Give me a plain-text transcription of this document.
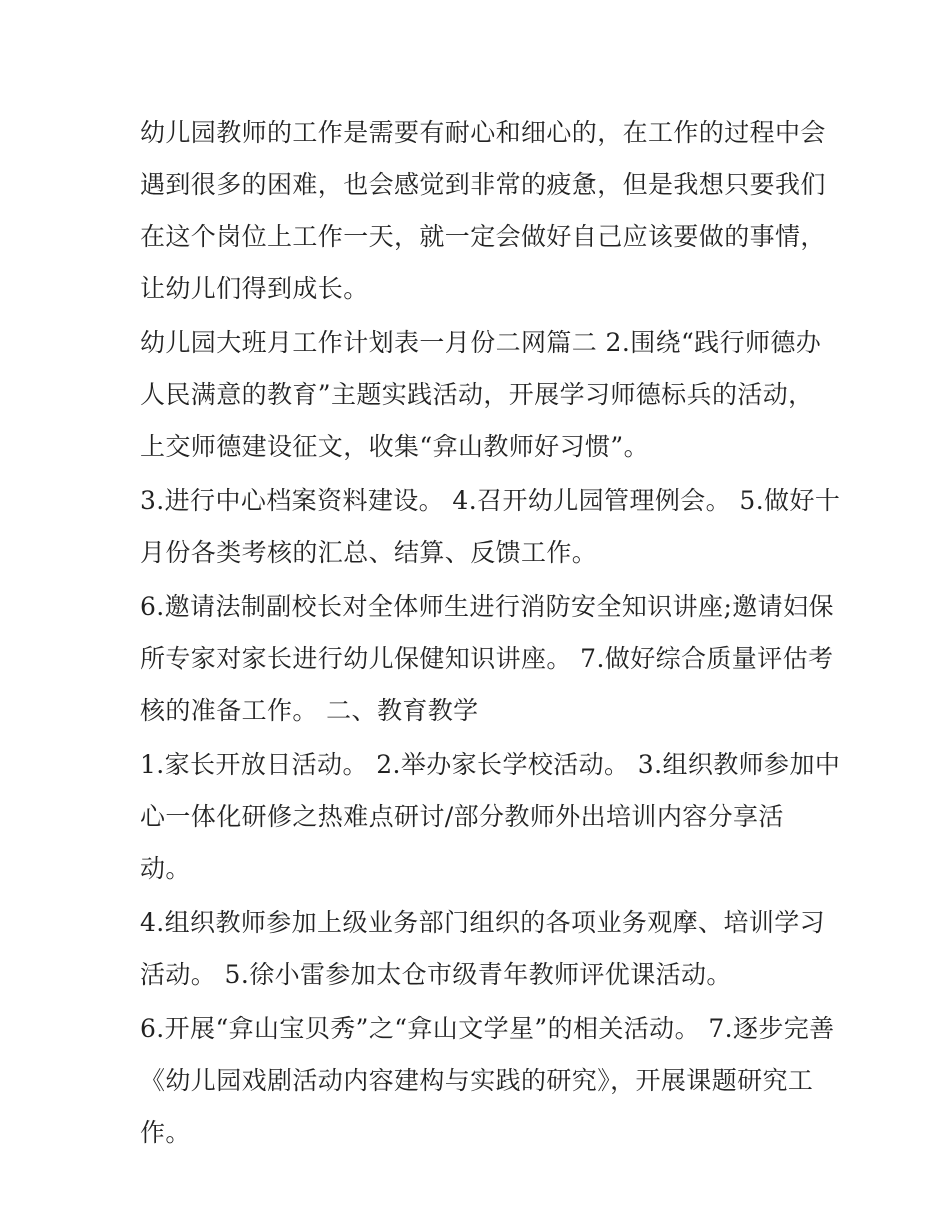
幼儿园教师的工作是需要有耐心和细心的，在工作的过程中会
遇到很多的困难，也会感觉到非常的疲惫，但是我想只要我们
在这个岗位上工作一天，就一定会做好自己应该要做的事情，
让幼儿们得到成长。

幼儿园大班月工作计划表一月份二网篇二 2.围绕“践行师德办
人民满意的教育”主题实践活动，开展学习师德标兵的活动，
上交师德建设征文，收集“弇山教师好习惯”。

3.进行中心档案资料建设。 4.召开幼儿园管理例会。 5.做好十
月份各类考核的汇总、结算、反馈工作。

6.邀请法制副校长对全体师生进行消防安全知识讲座;邀请妇保
所专家对家长进行幼儿保健知识讲座。 7.做好综合质量评估考
核的准备工作。 二、教育教学

1.家长开放日活动。 2.举办家长学校活动。 3.组织教师参加中
心一体化研修之热难点研讨/部分教师外出培训内容分享活
动。

4.组织教师参加上级业务部门组织的各项业务观摩、培训学习
活动。 5.徐小雷参加太仓市级青年教师评优课活动。

6.开展“弇山宝贝秀”之“弇山文学星”的相关活动。 7.逐步完善
《幼儿园戏剧活动内容建构与实践的研究》，开展课题研究工
作。
